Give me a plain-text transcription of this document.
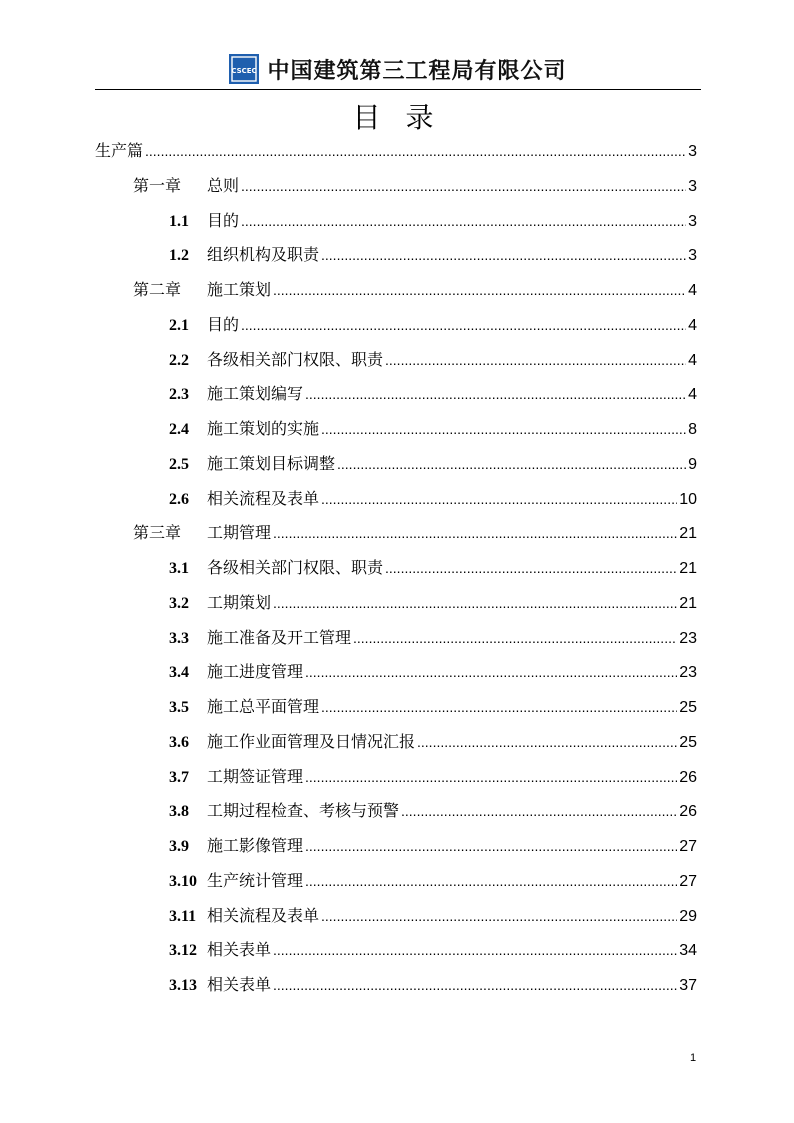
CSCEC 中国建筑第三工程局有限公司
目 录
生产篇 .....	3
第一章	总则 .....	3
1.1	目的 .....	3
1.2	组织机构及职责 .....	3
第二章	施工策划 .....	4
2.1	目的 .....	4
2.2	各级相关部门权限、职责 .....	4
2.3	施工策划编写 .....	4
2.4	施工策划的实施 .....	8
2.5	施工策划目标调整 .....	9
2.6	相关流程及表单 .....	10
第三章	工期管理 .....	21
3.1	各级相关部门权限、职责 .....	21
3.2	工期策划 .....	21
3.3	施工准备及开工管理 .....	23
3.4	施工进度管理 .....	23
3.5	施工总平面管理 .....	25
3.6	施工作业面管理及日情况汇报 .....	25
3.7	工期签证管理 .....	26
3.8	工期过程检查、考核与预警 .....	26
3.9	施工影像管理 .....	27
3.10 生产统计管理 .....	27
3.11 相关流程及表单 .....	29
3.12 相关表单 .....	34
3.13 相关表单 .....	37
1
